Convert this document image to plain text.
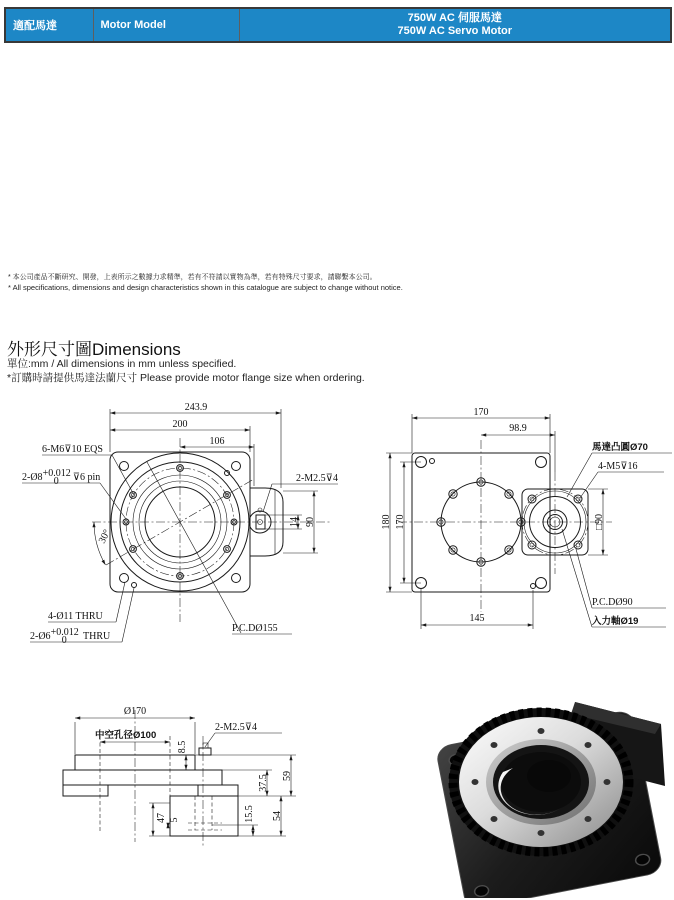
適配馬達	Motor Model	
750W AC 伺服馬達
750W AC Servo Motor
* 本公司產品不斷研究、開發，上表所示之數據力求精準，若有不符請以實物為準，若有特殊尺寸要求，請聯繫本公司。
* All specifications, dimensions and design characteristics shown in this catalogue are subject to change without notice.
外形尺寸圖Dimensions
單位:mm / All dimensions in mm unless specified.
*訂購時請提供馬達法蘭尺寸 Please provide motor flange size when ordering.
243.9
200
106
14 90
30°
6-M6⊽10 EQS
2-Ø8+0.012 0 ⊽6 pin	2-M2.5⊽4
4-Ø11 THRU
2-Ø6+0.012 0 THRU
P.C.DØ155
170
98.9
180 170
145
□90
馬達凸圓Ø70
4-M5⊽16
P.C.DØ90
入力軸Ø19
Ø170
中空孔径Ø100
8.5
2-M2.5⊽4
37.5 59
54
15.5
47 5
